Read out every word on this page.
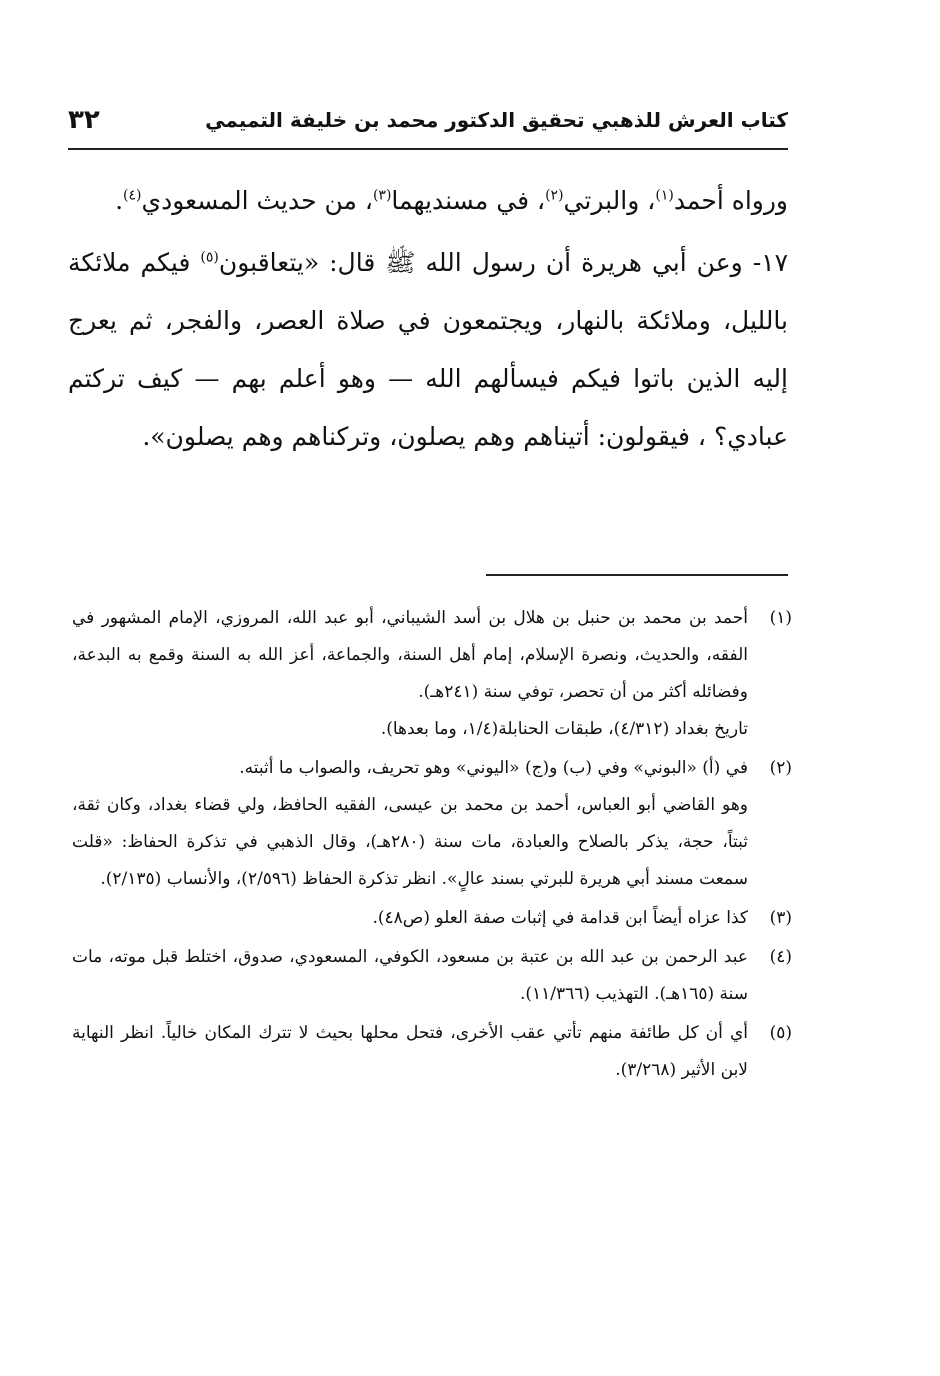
كتاب العرش للذهبي تحقيق الدكتور محمد بن خليفة التميمي
٣٢

ورواه أحمد$^{(١)}$، والبرتي$^{(٢)}$، في مسنديهما$^{(٣)}$، من حديث المسعودي$^{(٤)}$.

١٧- وعن أبي هريرة أن رسول الله ﷺ قال: «يتعاقبون$^{(٥)}$ فيكم ملائكة بالليل، وملائكة بالنهار، ويجتمعون في صلاة العصر، والفجر، ثم يعرج إليه الذين باتوا فيكم فيسألهم الله — وهو أعلم بهم — كيف تركتم عبادي؟ ، فيقولون: أتيناهم وهم يصلون، وتركناهم وهم يصلون».

(١)

أحمد بن محمد بن حنبل بن هلال بن أسد الشيباني، أبو عبد الله، المروزي، الإمام المشهور في الفقه، والحديث، ونصرة الإسلام، إمام أهل السنة، والجماعة، أعز الله به السنة وقمع به البدعة، وفضائله أكثر من أن تحصر، توفي سنة (٢٤١هـ).

تاريخ بغداد (٤/٣١٢)، طبقات الحنابلة(١/٤، وما بعدها).

(٢)

في (أ) «البوني» وفي (ب) و(ج) «اليوني» وهو تحريف، والصواب ما أثبته.

وهو القاضي أبو العباس، أحمد بن محمد بن عيسى، الفقيه الحافظ، ولي قضاء بغداد، وكان ثقة، ثبتاً، حجة، يذكر بالصلاح والعبادة، مات سنة (٢٨٠هـ)، وقال الذهبي في تذكرة الحفاظ: «قلت سمعت مسند أبي هريرة للبرتي بسند عالٍ». انظر تذكرة الحفاظ (٢/٥٩٦)، والأنساب (٢/١٣٥).

(٣)

كذا عزاه أيضاً ابن قدامة في إثبات صفة العلو (ص٤٨).

(٤)

عبد الرحمن بن عبد الله بن عتبة بن مسعود، الكوفي، المسعودي، صدوق، اختلط قبل موته، مات سنة (١٦٥هـ). التهذيب (١١/٣٦٦).

(٥)

أي أن كل طائفة منهم تأتي عقب الأخرى، فتحل محلها بحيث لا تترك المكان خالياً. انظر النهاية لابن الأثير (٣/٢٦٨).
